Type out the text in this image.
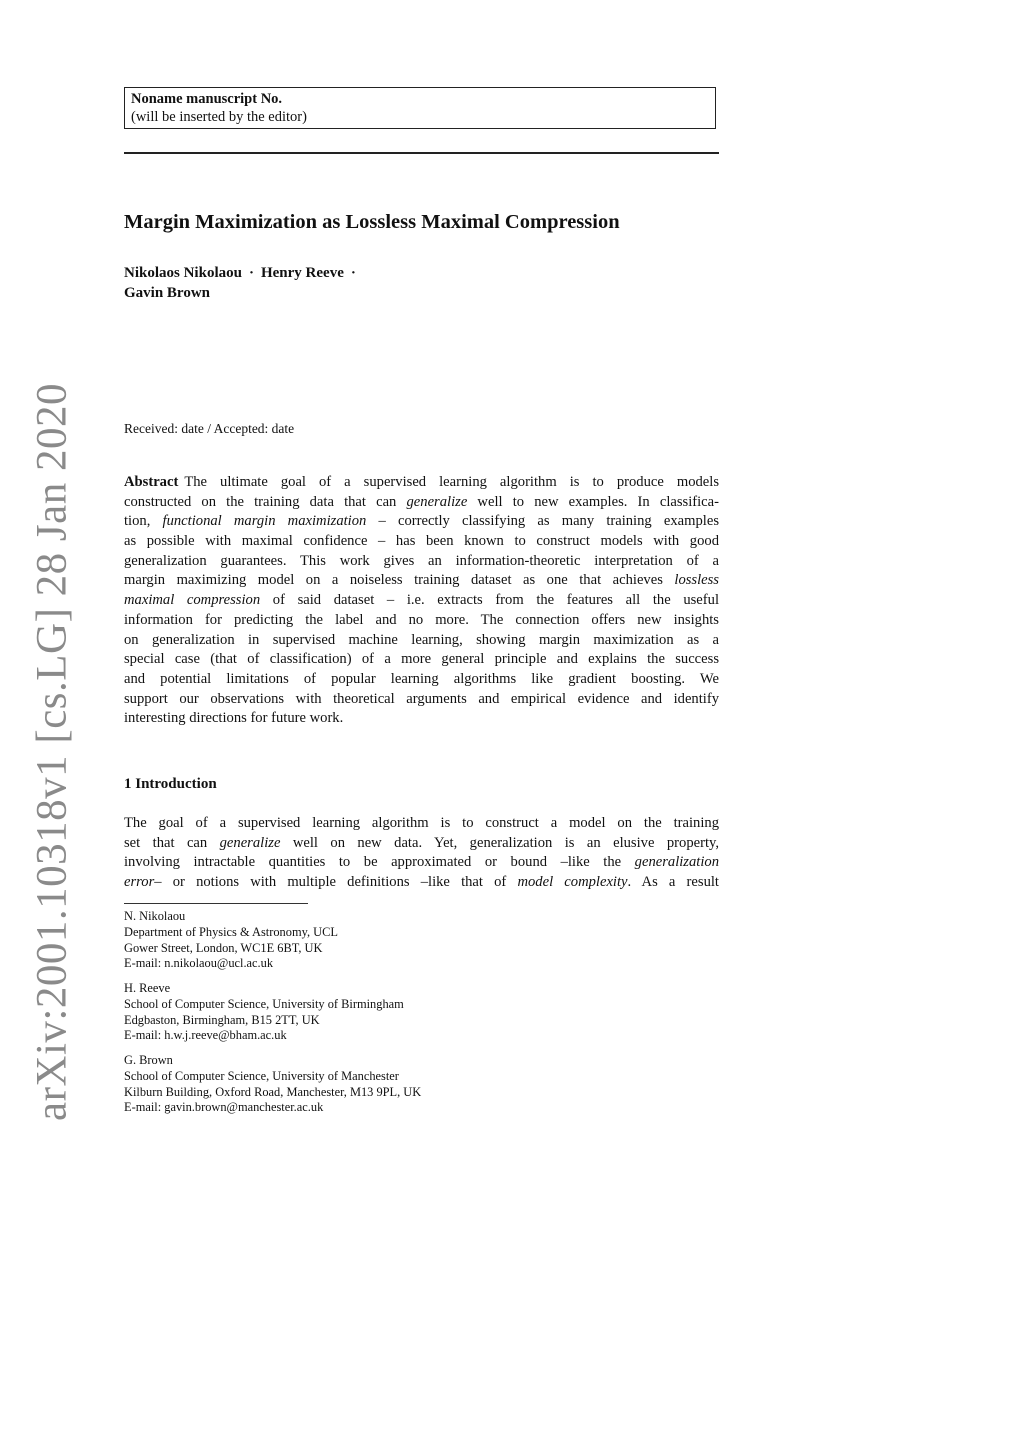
arXiv:2001.10318v1 [cs.LG] 28 Jan 2020
Noname manuscript No.
(will be inserted by the editor)
Margin Maximization as Lossless Maximal Compression
Nikolaos Nikolaou · Henry Reeve ·
Gavin Brown
Received: date / Accepted: date
Abstract The ultimate goal of a supervised learning algorithm is to produce models
constructed on the training data that can generalize well to new examples. In classifica-
tion, functional margin maximization – correctly classifying as many training examples
as possible with maximal confidence – has been known to construct models with good
generalization guarantees. This work gives an information-theoretic interpretation of a
margin maximizing model on a noiseless training dataset as one that achieves lossless
maximal compression of said dataset – i.e. extracts from the features all the useful
information for predicting the label and no more. The connection offers new insights
on generalization in supervised machine learning, showing margin maximization as a
special case (that of classification) of a more general principle and explains the success
and potential limitations of popular learning algorithms like gradient boosting. We
support our observations with theoretical arguments and empirical evidence and identify
interesting directions for future work.
1 Introduction
The goal of a supervised learning algorithm is to construct a model on the training
set that can generalize well on new data. Yet, generalization is an elusive property,
involving intractable quantities to be approximated or bound –like the generalization
error– or notions with multiple definitions –like that of model complexity. As a result
N. Nikolaou
Department of Physics & Astronomy, UCL
Gower Street, London, WC1E 6BT, UK
E-mail: n.nikolaou@ucl.ac.uk
H. Reeve
School of Computer Science, University of Birmingham
Edgbaston, Birmingham, B15 2TT, UK
E-mail: h.w.j.reeve@bham.ac.uk
G. Brown
School of Computer Science, University of Manchester
Kilburn Building, Oxford Road, Manchester, M13 9PL, UK
E-mail: gavin.brown@manchester.ac.uk
